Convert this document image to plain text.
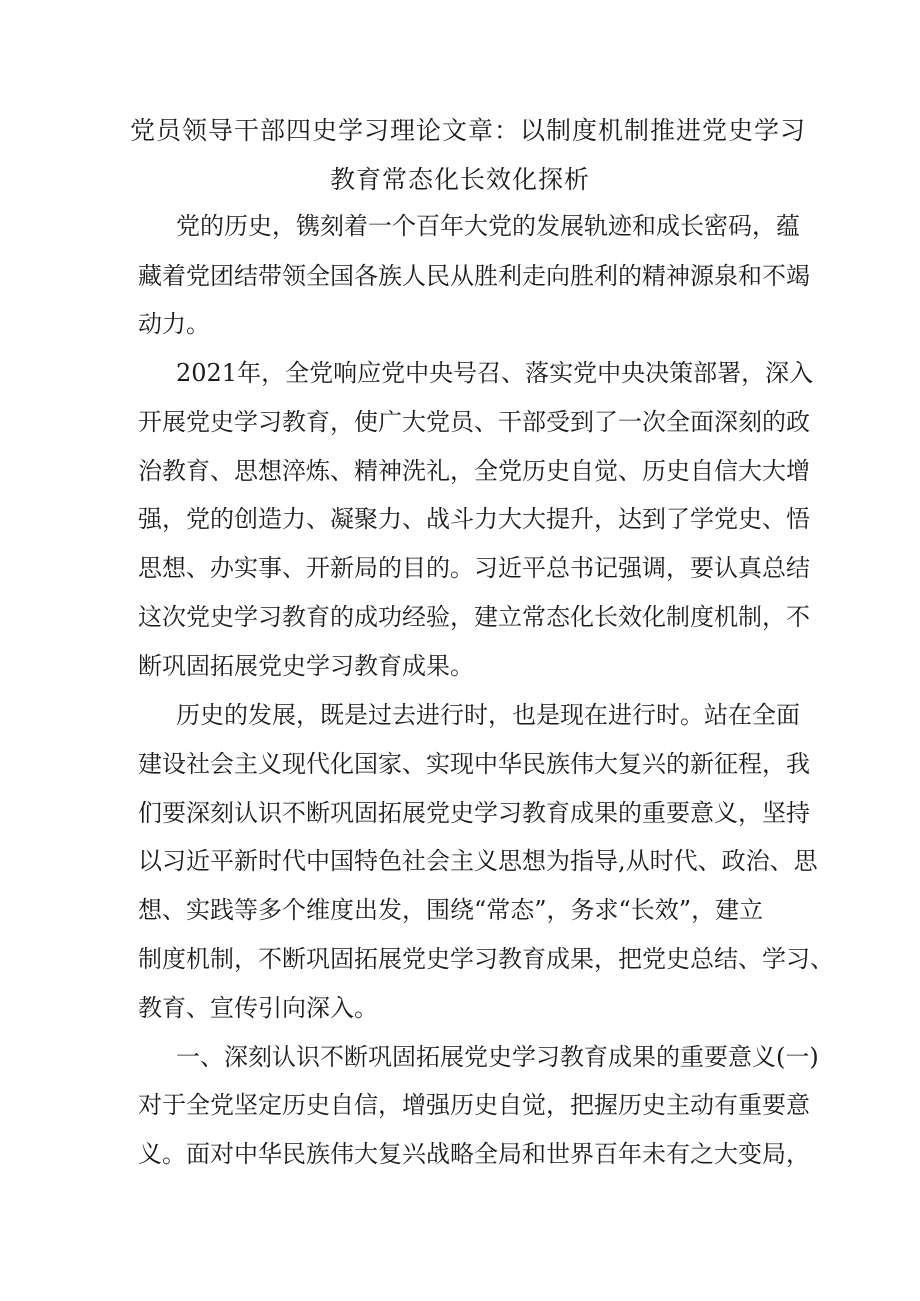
党员领导干部四史学习理论文章：以制度机制推进党史学习
教育常态化长效化探析
党的历史，镌刻着一个百年大党的发展轨迹和成长密码，蕴
藏着党团结带领全国各族人民从胜利走向胜利的精神源泉和不竭
动力。
2021年，全党响应党中央号召、落实党中央决策部署，深入
开展党史学习教育，使广大党员、干部受到了一次全面深刻的政
治教育、思想淬炼、精神洗礼，全党历史自觉、历史自信大大增
强，党的创造力、凝聚力、战斗力大大提升，达到了学党史、悟
思想、办实事、开新局的目的。习近平总书记强调，要认真总结
这次党史学习教育的成功经验，建立常态化长效化制度机制，不
断巩固拓展党史学习教育成果。
历史的发展，既是过去进行时，也是现在进行时。站在全面
建设社会主义现代化国家、实现中华民族伟大复兴的新征程，我
们要深刻认识不断巩固拓展党史学习教育成果的重要意义，坚持
以习近平新时代中国特色社会主义思想为指导,从时代、政治、思
想、实践等多个维度出发，围绕“常态”，务求“长效”，建立
制度机制，不断巩固拓展党史学习教育成果，把党史总结、学习、
教育、宣传引向深入。
一、深刻认识不断巩固拓展党史学习教育成果的重要意义(一)
对于全党坚定历史自信，增强历史自觉，把握历史主动有重要意
义。面对中华民族伟大复兴战略全局和世界百年未有之大变局，
